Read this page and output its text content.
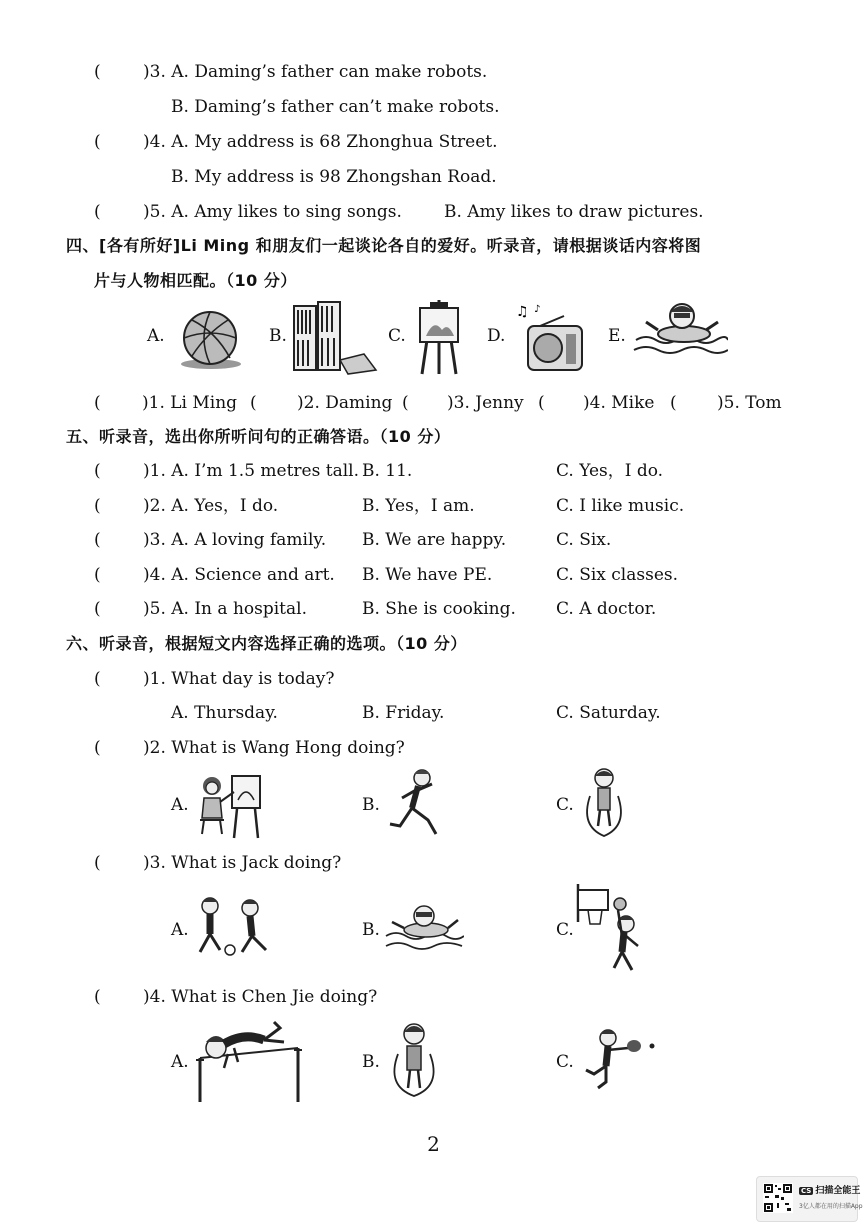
( )3. A. Daming’s father can make robots.
B. Daming’s father can’t make robots.
( )4. A. My address is 68 Zhonghua Street.
B. My address is 98 Zhongshan Road.
( )5. A. Amy likes to sing songs. B. Amy likes to draw pictures.
四、[各有所好]Li Ming 和朋友们一起谈论各自的爱好。听录音，请根据谈话内容将图
片与人物相匹配。（10 分）
A.	B.	C.	D.
♫ ♪
E.
( )1. Li Ming ( )2. Daming ( )3. Jenny ( )4. Mike ( )5. Tom
五、听录音，选出你所听问句的正确答语。（10 分）
( )1. A. I’m 1.5 metres tall. B. 11.	C. Yes，I do.
( )2. A. Yes，I do.	B. Yes，I am.	C. I like music.
( )3. A. A loving family. B. We are happy.	C. Six.
( )4. A. Science and art. B. We have PE.	C. Six classes.
( )5. A. In a hospital.	B. She is cooking. C. A doctor.
六、听录音，根据短文内容选择正确的选项。（10 分）
( )1. What day is today?
A. Thursday.	B. Friday.	C. Saturday.
( )2. What is Wang Hong doing?
A.	B.	C.
( )3. What is Jack doing?
A.	B.	C.
( )4. What is Chen Jie doing?
A.	B.	C.
2
CS 扫描全能王
3亿人都在用的扫描App
